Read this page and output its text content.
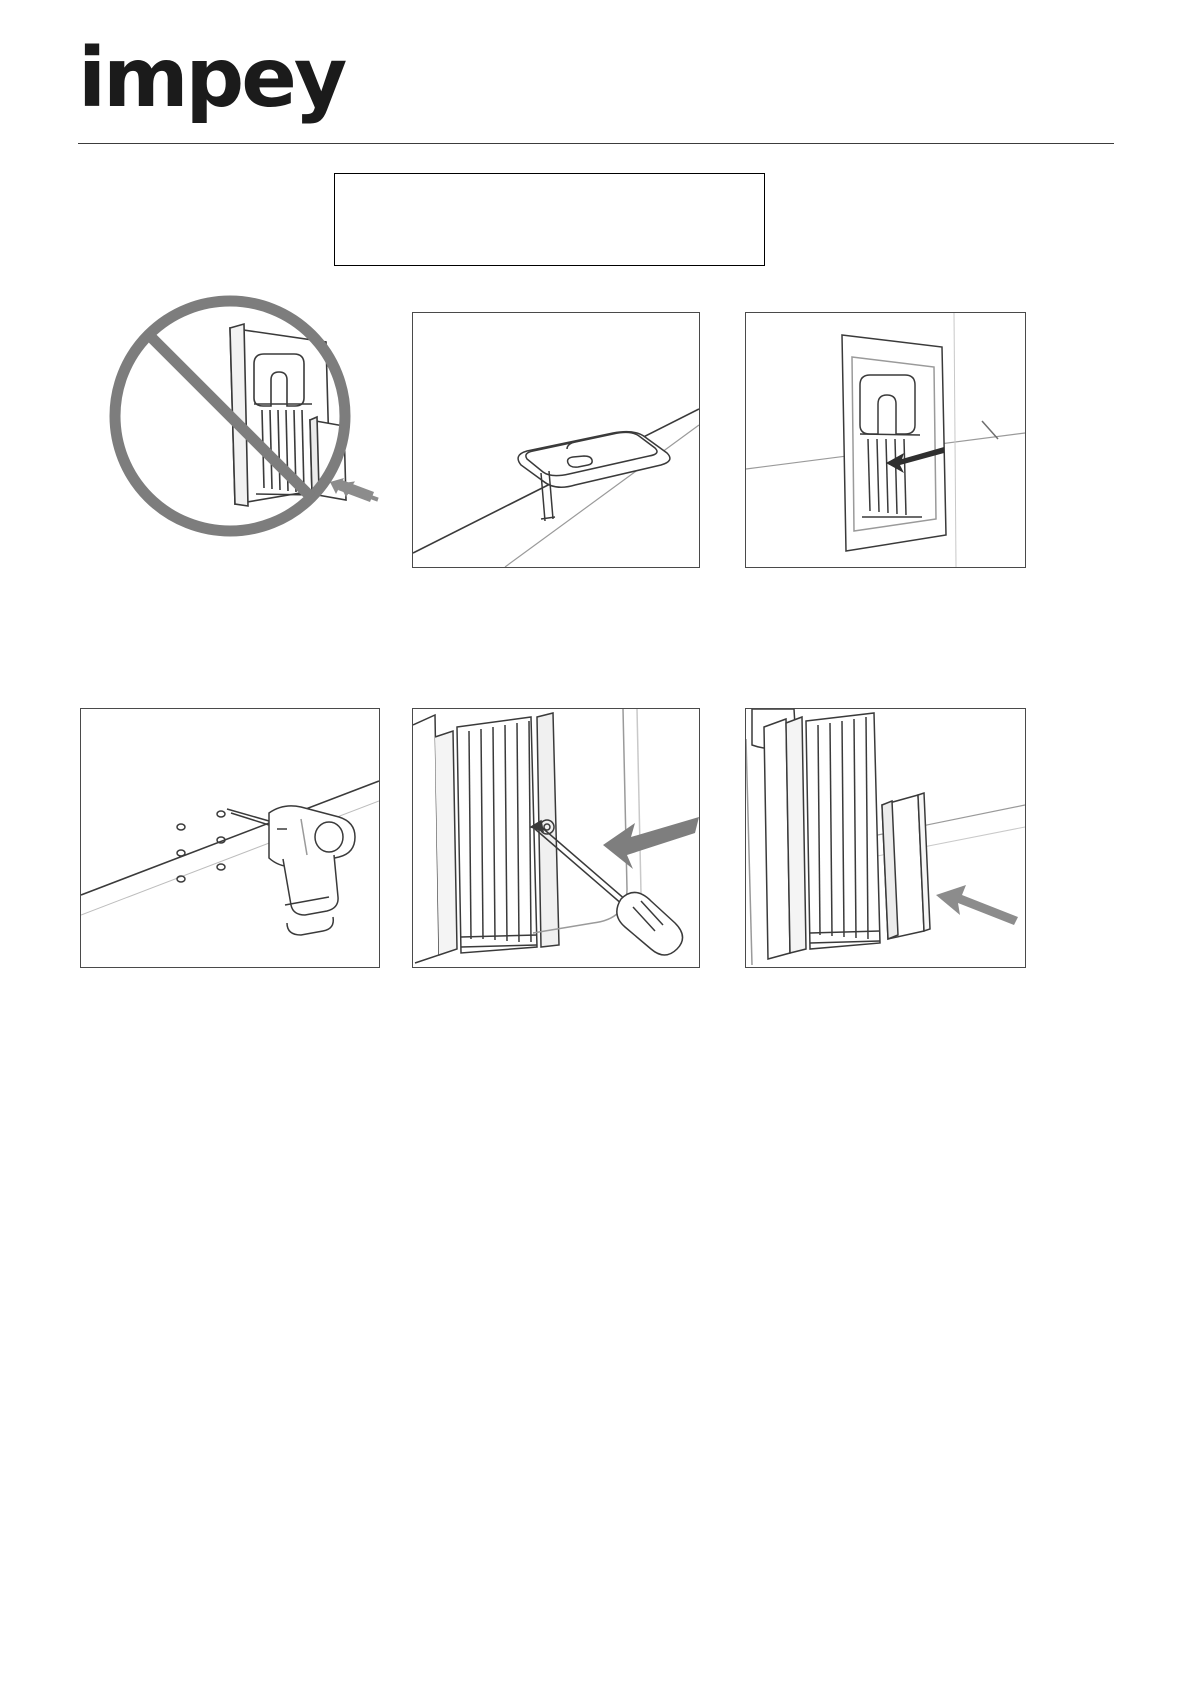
impey
